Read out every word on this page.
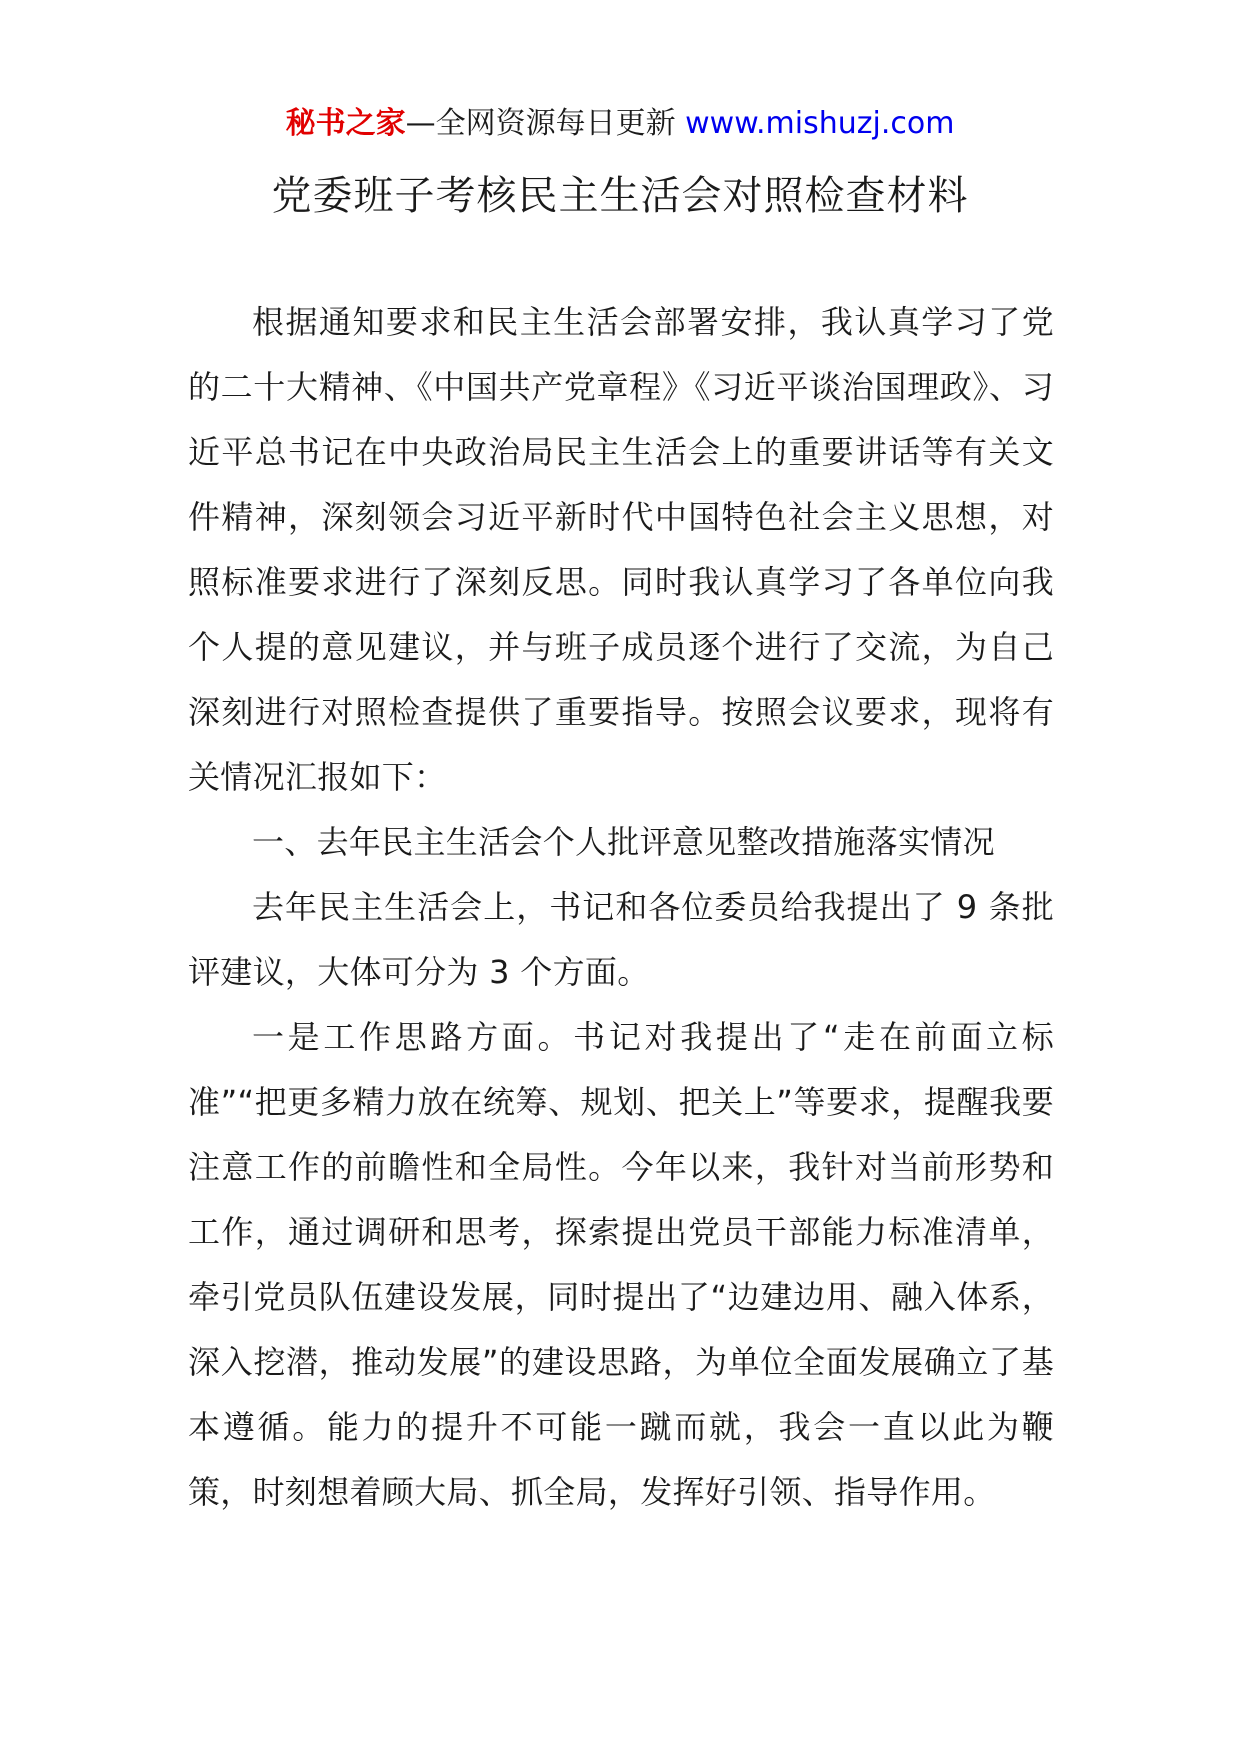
秘书之家—全网资源每日更新 www.mishuzj.com
党委班子考核民主生活会对照检查材料

根据通知要求和民主生活会部署安排，我认真学习了党的二十大精神、《中国共产党章程》《习近平谈治国理政》、习近平总书记在中央政治局民主生活会上的重要讲话等有关文件精神，深刻领会习近平新时代中国特色社会主义思想，对照标准要求进行了深刻反思。同时我认真学习了各单位向我个人提的意见建议，并与班子成员逐个进行了交流，为自己深刻进行对照检查提供了重要指导。按照会议要求，现将有关情况汇报如下：

一、去年民主生活会个人批评意见整改措施落实情况

去年民主生活会上，书记和各位委员给我提出了 9 条批评建议，大体可分为 3 个方面。

一是工作思路方面。书记对我提出了“走在前面立标准”“把更多精力放在统筹、规划、把关上”等要求，提醒我要注意工作的前瞻性和全局性。今年以来，我针对当前形势和工作，通过调研和思考，探索提出党员干部能力标准清单，牵引党员队伍建设发展，同时提出了“边建边用、融入体系，深入挖潜，推动发展”的建设思路，为单位全面发展确立了基本遵循。能力的提升不可能一蹴而就，我会一直以此为鞭策，时刻想着顾大局、抓全局，发挥好引领、指导作用。
